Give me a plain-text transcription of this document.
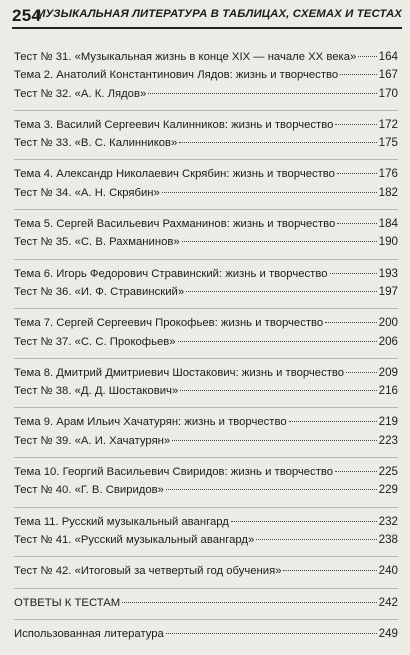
254
МУЗЫКАЛЬНАЯ ЛИТЕРАТУРА В ТАБЛИЦАХ, СХЕМАХ И ТЕСТАХ
Тест № 31. «Музыкальная жизнь в конце XIX — начале XX века» 164
Тема 2. Анатолий Константинович Лядов: жизнь и творчество	167
Тест № 32. «А. К. Лядов»	170
Тема 3. Василий Сергеевич Калинников: жизнь и творчество	172
Тест № 33. «В. С. Калинников»	175
Тема 4. Александр Николаевич Скрябин: жизнь и творчество	176
Тест № 34. «А. Н. Скрябин»	182
Тема 5. Сергей Васильевич Рахманинов: жизнь и творчество	184
Тест № 35. «С. В. Рахманинов»	190
Тема 6. Игорь Федорович Стравинский: жизнь и творчество	193
Тест № 36. «И. Ф. Стравинский»	197
Тема 7. Сергей Сергеевич Прокофьев: жизнь и творчество	200
Тест № 37. «С. С. Прокофьев»	206
Тема 8. Дмитрий Дмитриевич Шостакович: жизнь и творчество	209
Тест № 38. «Д. Д. Шостакович»	216
Тема 9. Арам Ильич Хачатурян: жизнь и творчество	219
Тест № 39. «А. И. Хачатурян»	223
Тема 10. Георгий Васильевич Свиридов: жизнь и творчество	225
Тест № 40. «Г. В. Свиридов»	229
Тема 11. Русский музыкальный авангард	232
Тест № 41. «Русский музыкальный авангард»	238
Тест № 42. «Итоговый за четвертый год обучения»	240
ОТВЕТЫ К ТЕСТАМ	242
Использованная литература	249
